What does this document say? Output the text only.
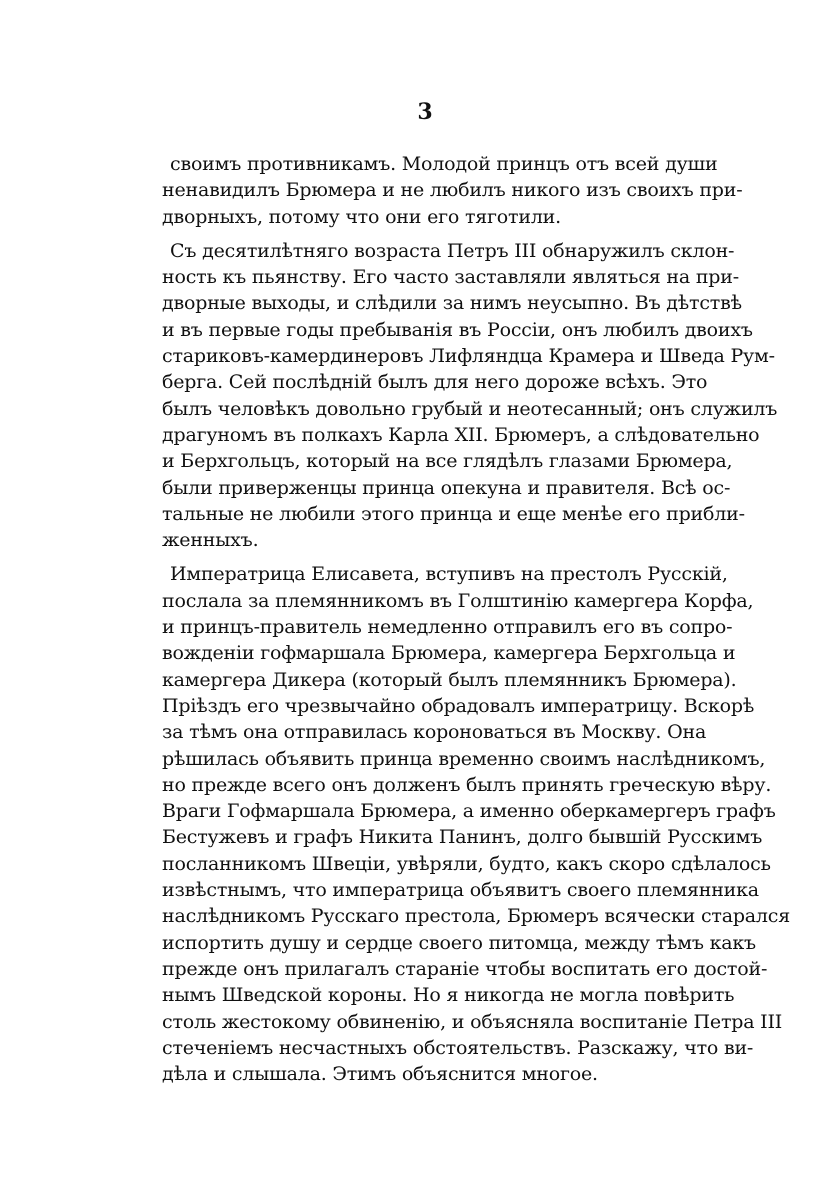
3
своимъ противникамъ. Молодой принцъ отъ всей души
ненавидилъ Брюмера и не любилъ никого изъ своихъ при-
дворныхъ, потому что они его тяготили.
Съ десятилѣтняго возраста Петръ III обнаружилъ склон-
ность къ пьянству. Его часто заставляли являться на при-
дворные выходы, и слѣдили за нимъ неусыпно. Въ дѣтствѣ
и въ первые годы пребыванія въ Россіи, онъ любилъ двоихъ
стариковъ-камердинеровъ Лифляндца Крамера и Шведа Рум-
берга. Сей послѣдній былъ для него дороже всѣхъ. Это
былъ человѣкъ довольно грубый и неотесанный; онъ служилъ
драгуномъ въ полкахъ Карла XII. Брюмеръ, а слѣдовательно
и Берхгольцъ, который на все глядѣлъ глазами Брюмера,
были приверженцы принца опекуна и правителя. Всѣ ос-
тальные не любили этого принца и еще менѣе его прибли-
женныхъ.
Императрица Елисавета, вступивъ на престолъ Русскій,
послала за племянникомъ въ Голштинію камергера Корфа,
и принцъ-правитель немедленно отправилъ его въ сопро-
вожденіи гофмаршала Брюмера, камергера Берхгольца и
камергера Дикера (который былъ племянникъ Брюмера).
Пріѣздъ его чрезвычайно обрадовалъ императрицу. Вскорѣ
за тѣмъ она отправилась короноваться въ Москву. Она
рѣшилась объявить принца временно своимъ наслѣдникомъ,
но прежде всего онъ долженъ былъ принять греческую вѣру.
Враги Гофмаршала Брюмера, а именно оберкамергеръ графъ
Бестужевъ и графъ Никита Панинъ, долго бывшій Русскимъ
посланникомъ Швеціи, увѣряли, будто, какъ скоро сдѣлалось
извѣстнымъ, что императрица объявитъ своего племянника
наслѣдникомъ Русскаго престола, Брюмеръ всячески старался
испортить душу и сердце своего питомца, между тѣмъ какъ
прежде онъ прилагалъ стараніе чтобы воспитать его достой-
нымъ Шведской короны. Но я никогда не могла повѣрить
столь жестокому обвиненію, и объясняла воспитаніе Петра III
стеченіемъ несчастныхъ обстоятельствъ. Разскажу, что ви-
дѣла и слышала. Этимъ объяснится многое.
